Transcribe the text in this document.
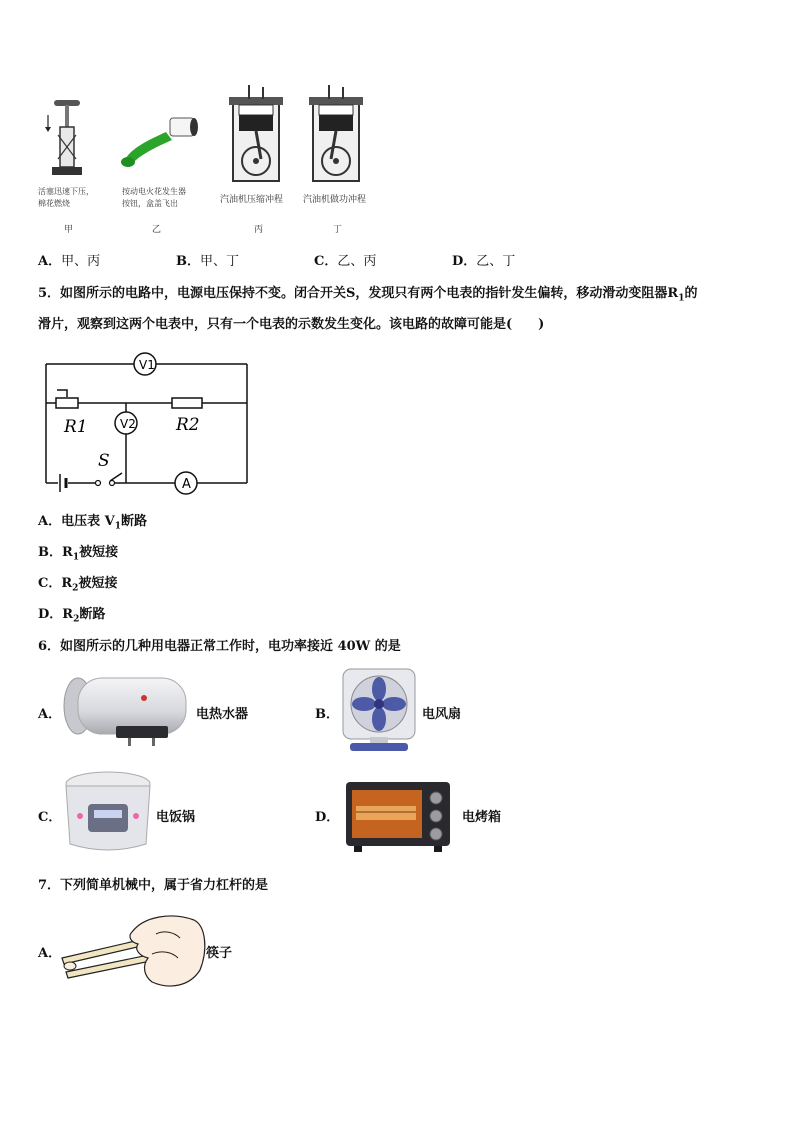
活塞迅速下压，
棉花燃烧
甲
按动电火花发生器
按钮，盒盖飞出
乙
汽油机压缩冲程
丙
汽油机做功冲程
丁
A．甲、丙	B．甲、丁	C．乙、丙	D．乙、丁
5．如图所示的电路中，电源电压保持不变。闭合开关S，发现只有两个电表的指针发生偏转，移动滑动变阻器$R_1$的
滑片，观察到这两个电表中，只有一个电表的示数发生变化。该电路的故障可能是(　　)
V1
V2
A
R1	R2
S
A．电压表 $V_1$断路
B．$R_1$被短接
C．$R_2$被短接
D．$R_2$断路
6．如图所示的几种用电器正常工作时，电功率接近 40W 的是
A．	电热水器	B．	电风扇
C．	电饭锅	D．	电烤箱
7．下列简单机械中，属于省力杠杆的是
A．	筷子
